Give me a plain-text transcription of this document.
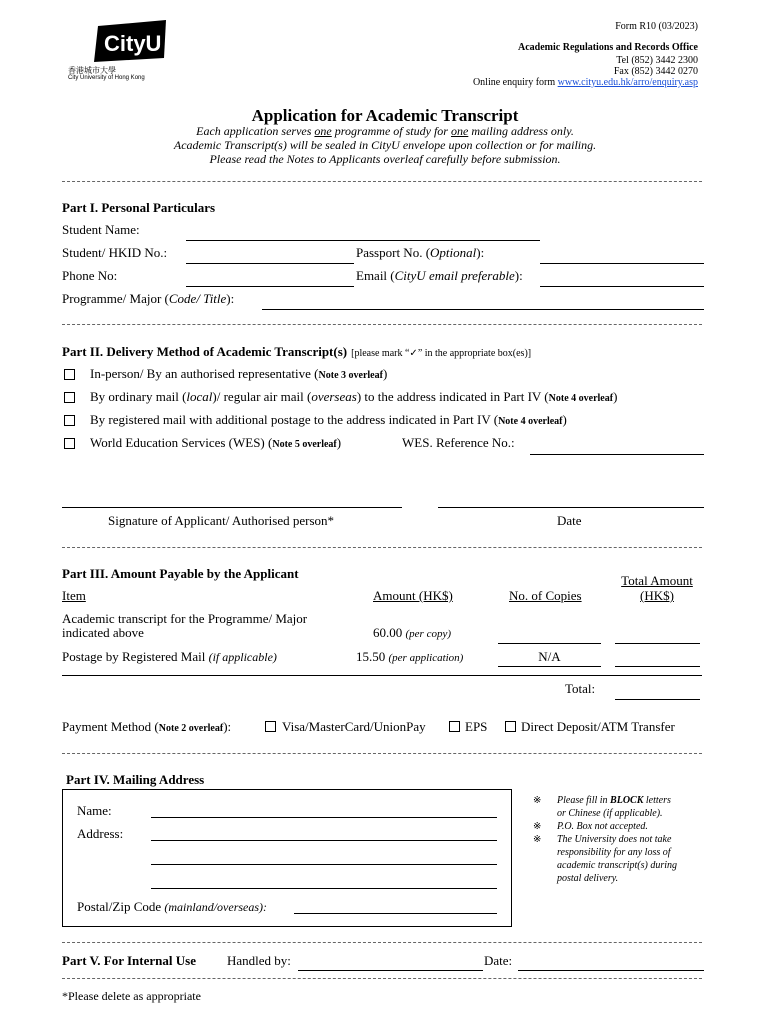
CityU
香港城市大學
City University of Hong Kong
Form R10 (03/2023)
Academic Regulations and Records Office
Tel (852) 3442 2300
Fax (852) 3442 0270
Online enquiry form www.cityu.edu.hk/arro/enquiry.asp
Application for Academic Transcript
Each application serves one programme of study for one mailing address only.
Academic Transcript(s) will be sealed in CityU envelope upon collection or for mailing.
Please read the Notes to Applicants overleaf carefully before submission.
Part I. Personal Particulars
Student Name:
Student/ HKID No.:	Passport No. (Optional):
Phone No:	Email (CityU email preferable):
Programme/ Major (Code/ Title):
Part II. Delivery Method of Academic Transcript(s) [please mark “✓” in the appropriate box(es)]
In-person/ By an authorised representative (Note 3 overleaf)
By ordinary mail (local)/ regular air mail (overseas) to the address indicated in Part IV (Note 4 overleaf)
By registered mail with additional postage to the address indicated in Part IV (Note 4 overleaf)
World Education Services (WES) (Note 5 overleaf)	WES. Reference No.:
Signature of Applicant/ Authorised person*	Date
Part III. Amount Payable by the Applicant
Item	Amount (HK$)	No. of Copies
Total Amount
(HK$)
Academic transcript for the Programme/ Major
indicated above	60.00 (per copy)
Postage by Registered Mail (if applicable)	15.50 (per application)	N/A
Total:
Payment Method (Note 2 overleaf):	Visa/MasterCard/UnionPay	EPS	Direct Deposit/ATM Transfer
Part IV. Mailing Address
Name:
Address:
Postal/Zip Code (mainland/overseas):
※ Please fill in BLOCK letters
or Chinese (if applicable).
※ P.O. Box not accepted.
※ The University does not take
responsibility for any loss of
academic transcript(s) during
postal delivery.
Part V. For Internal Use Handled by:	Date:
*Please delete as appropriate
